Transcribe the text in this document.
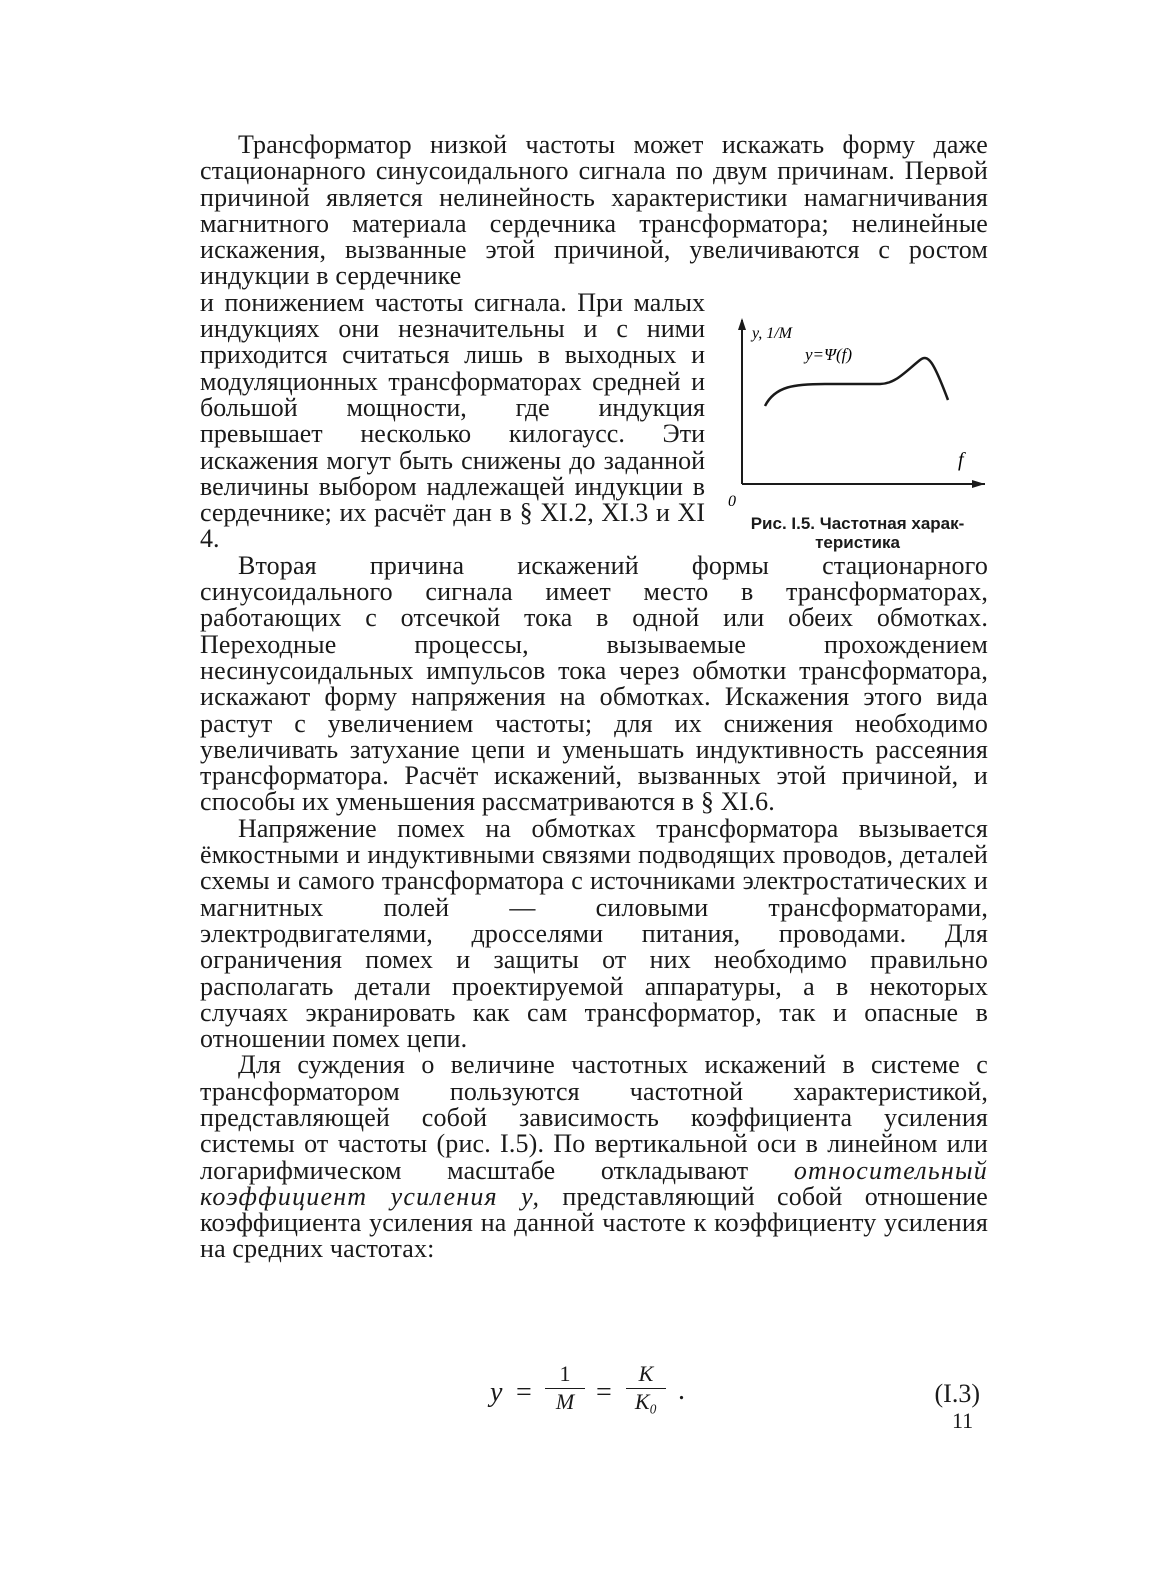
Трансформатор низкой частоты может искажать форму даже стационарного синусоидального сигнала по двум причинам. Первой причиной является нелинейность характеристики намагничивания магнитного материала сердечника трансформатора; нелинейные искажения, вызванные этой причиной, увеличиваются с ростом индукции в сердечнике

и понижением частоты сигнала. При малых индукциях они незначительны и с ними приходится считаться лишь в выходных и модуляционных трансформаторах средней и большой мощности, где индукция превышает несколько килогаусс. Эти искажения могут быть снижены до заданной величины выбором надлежащей индукции в сердечнике; их расчёт дан в § XI.2, XI.3 и XI 4.

Вторая причина искажений формы стационарного синусоидального сигнала имеет место в трансформаторах, работающих с отсечкой тока в одной или обеих обмотках. Переходные процессы, вызываемые прохождением несинусоидальных импульсов тока через обмотки трансформатора, искажают форму напряжения на обмотках. Искажения этого вида растут с увеличением частоты; для их снижения необходимо увеличивать затухание цепи и уменьшать индуктивность рассеяния трансформатора. Расчёт искажений, вызванных этой причиной, и способы их уменьшения рассматриваются в § XI.6.

Напряжение помех на обмотках трансформатора вызывается ёмкостными и индуктивными связями подводящих проводов, деталей схемы и самого трансформатора с источниками электростатических и магнитных полей — силовыми трансформаторами, электродвигателями, дросселями питания, проводами. Для ограничения помех и защиты от них необходимо правильно располагать детали проектируемой аппаратуры, а в некоторых случаях экранировать как сам трансформатор, так и опасные в отношении помех цепи.

Для суждения о величине частотных искажений в системе с трансформатором пользуются частотной характеристикой, представляющей собой зависимость коэффициента усиления системы от частоты (рис. I.5). По вертикальной оси в линейном или логарифмическом масштабе откладывают относительный коэффициент усиления y, представляющий собой отношение коэффициента усиления на данной частоте к коэффициенту усиления на средних частотах:

y, 1/M
y=Ψ(f)
f
0
Рис. I.5. Частотная харак-
теристика
y =
1
M =
K
K₀ .	(I.3)
11
